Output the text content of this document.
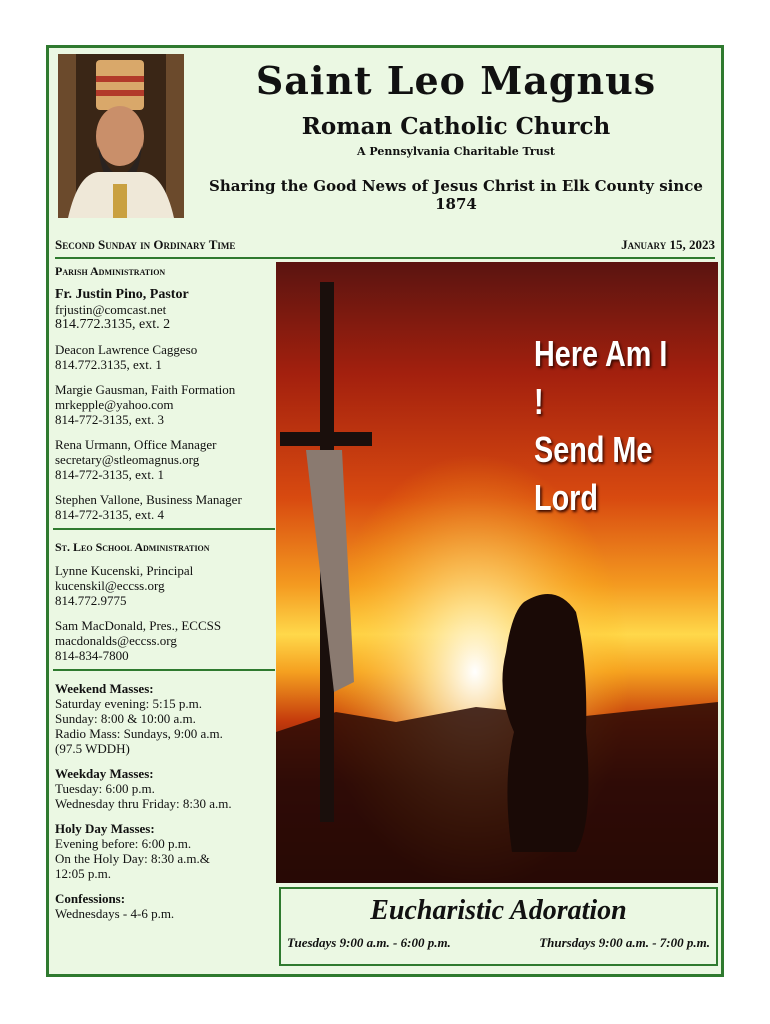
Saint Leo Magnus
Roman Catholic Church
A Pennsylvania Charitable Trust
Sharing the Good News of Jesus Christ in Elk County since 1874
Second Sunday in Ordinary Time	January 15, 2023
Parish Administration
Fr. Justin Pino, Pastor
frjustin@comcast.net
814.772.3135, ext. 2
Deacon Lawrence Caggeso
814.772.3135, ext. 1
Margie Gausman, Faith Formation
mrkepple@yahoo.com
814-772-3135, ext. 3
Rena Urmann, Office Manager
secretary@stleomagnus.org
814-772-3135, ext. 1
Stephen Vallone, Business Manager
814-772-3135, ext. 4
St. Leo School Administration
Lynne Kucenski, Principal
kucenskil@eccss.org
814.772.9775
Sam MacDonald, Pres., ECCSS
macdonalds@eccss.org
814-834-7800
Weekend Masses:
Saturday evening: 5:15 p.m.
Sunday: 8:00 & 10:00 a.m.
Radio Mass: Sundays, 9:00 a.m.
(97.5 WDDH)
Weekday Masses:
Tuesday: 6:00 p.m.
Wednesday thru Friday: 8:30 a.m.
Holy Day Masses:
Evening before: 6:00 p.m.
On the Holy Day: 8:30 a.m.&
12:05 p.m.
Confessions:
Wednesdays - 4-6 p.m.
Here Am I !
Send Me Lord
Eucharistic Adoration
Tuesdays 9:00 a.m. - 6:00 p.m.	Thursdays 9:00 a.m. - 7:00 p.m.
